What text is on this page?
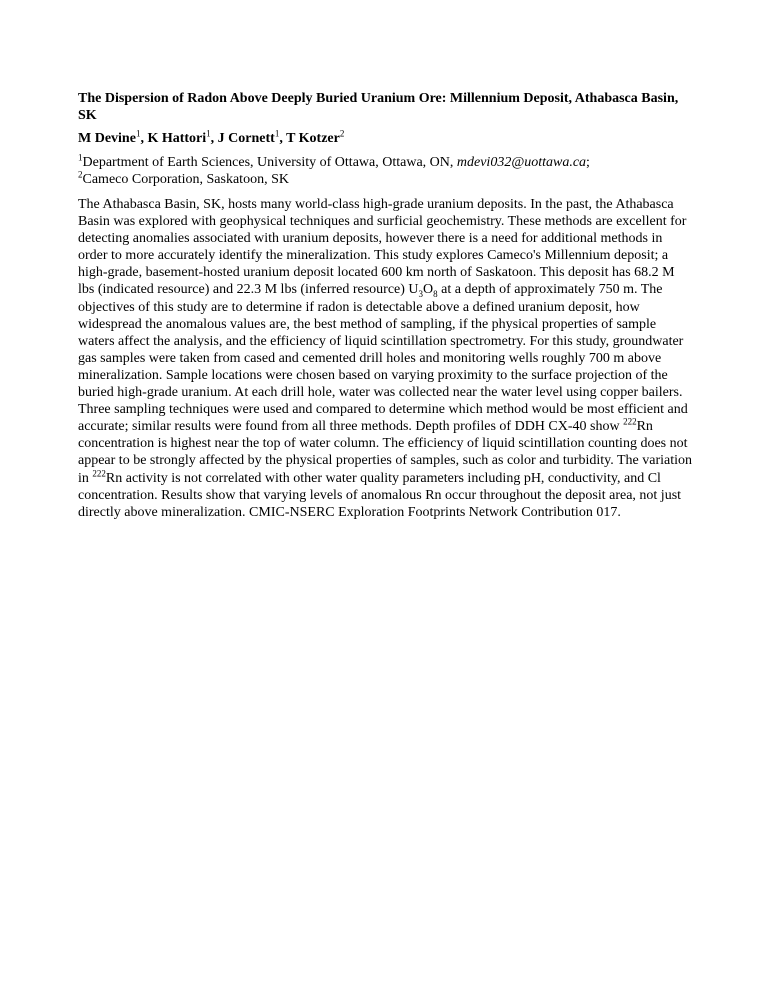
The Dispersion of Radon Above Deeply Buried Uranium Ore: Millennium Deposit, Athabasca Basin, SK
M Devine$^1$, K Hattori$^1$, J Cornett$^1$, T Kotzer$^2$
$^1$Department of Earth Sciences, University of Ottawa, Ottawa, ON, mdevi032@uottawa.ca;
$^2$Cameco Corporation, Saskatoon, SK

The Athabasca Basin, SK, hosts many world-class high-grade uranium deposits. In the past, the Athabasca Basin was explored with geophysical techniques and surficial geochemistry. These methods are excellent for detecting anomalies associated with uranium deposits, however there is a need for additional methods in order to more accurately identify the mineralization. This study explores Cameco's Millennium deposit; a high-grade, basement-hosted uranium deposit located 600 km north of Saskatoon. This deposit has 68.2 M lbs (indicated resource) and 22.3 M lbs (inferred resource) $U_3O_8$ at a depth of approximately 750 m. The objectives of this study are to determine if radon is detectable above a defined uranium deposit, how widespread the anomalous values are, the best method of sampling, if the physical properties of sample waters affect the analysis, and the efficiency of liquid scintillation spectrometry. For this study, groundwater gas samples were taken from cased and cemented drill holes and monitoring wells roughly 700 m above mineralization. Sample locations were chosen based on varying proximity to the surface projection of the buried high-grade uranium. At each drill hole, water was collected near the water level using copper bailers. Three sampling techniques were used and compared to determine which method would be most efficient and accurate; similar results were found from all three methods. Depth profiles of DDH CX-40 show $^{222}$Rn concentration is highest near the top of water column. The efficiency of liquid scintillation counting does not appear to be strongly affected by the physical properties of samples, such as color and turbidity. The variation in $^{222}$Rn activity is not correlated with other water quality parameters including pH, conductivity, and Cl concentration. Results show that varying levels of anomalous Rn occur throughout the deposit area, not just directly above mineralization. CMIC-NSERC Exploration Footprints Network Contribution 017.
